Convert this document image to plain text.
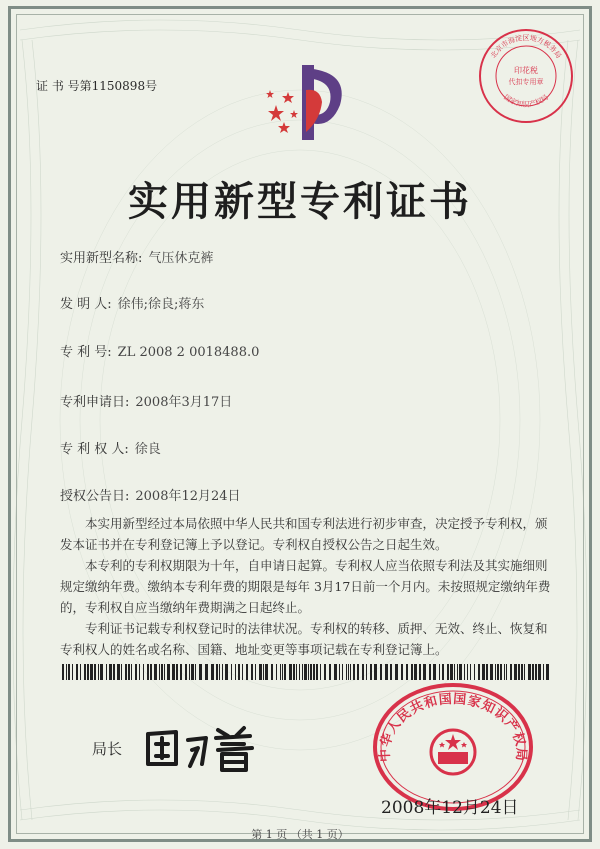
印花税
代扣专用章
北京市海淀区地方税务局
国家知识产权局
证 书 号第1150898号
实用新型专利证书
实用新型名称: 气压休克裤
发 明 人: 徐伟;徐良;蒋东
专 利 号: ZL 2008 2 0018488.0
专利申请日: 2008年3月17日
专 利 权 人: 徐良
授权公告日: 2008年12月24日
本实用新型经过本局依照中华人民共和国专利法进行初步审查，决定授予专利权，颁发本证书并在专利登记簿上予以登记。专利权自授权公告之日起生效。
本专利的专利权期限为十年，自申请日起算。专利权人应当依照专利法及其实施细则规定缴纳年费。缴纳本专利年费的期限是每年 3月17日前一个月内。未按照规定缴纳年费的，专利权自应当缴纳年费期满之日起终止。
专利证书记载专利权登记时的法律状况。专利权的转移、质押、无效、终止、恢复和专利权人的姓名或名称、国籍、地址变更等事项记载在专利登记簿上。
局长	中华人民共和国国家知识产权局
2008年12月24日
第 1 页 （共 1 页）
